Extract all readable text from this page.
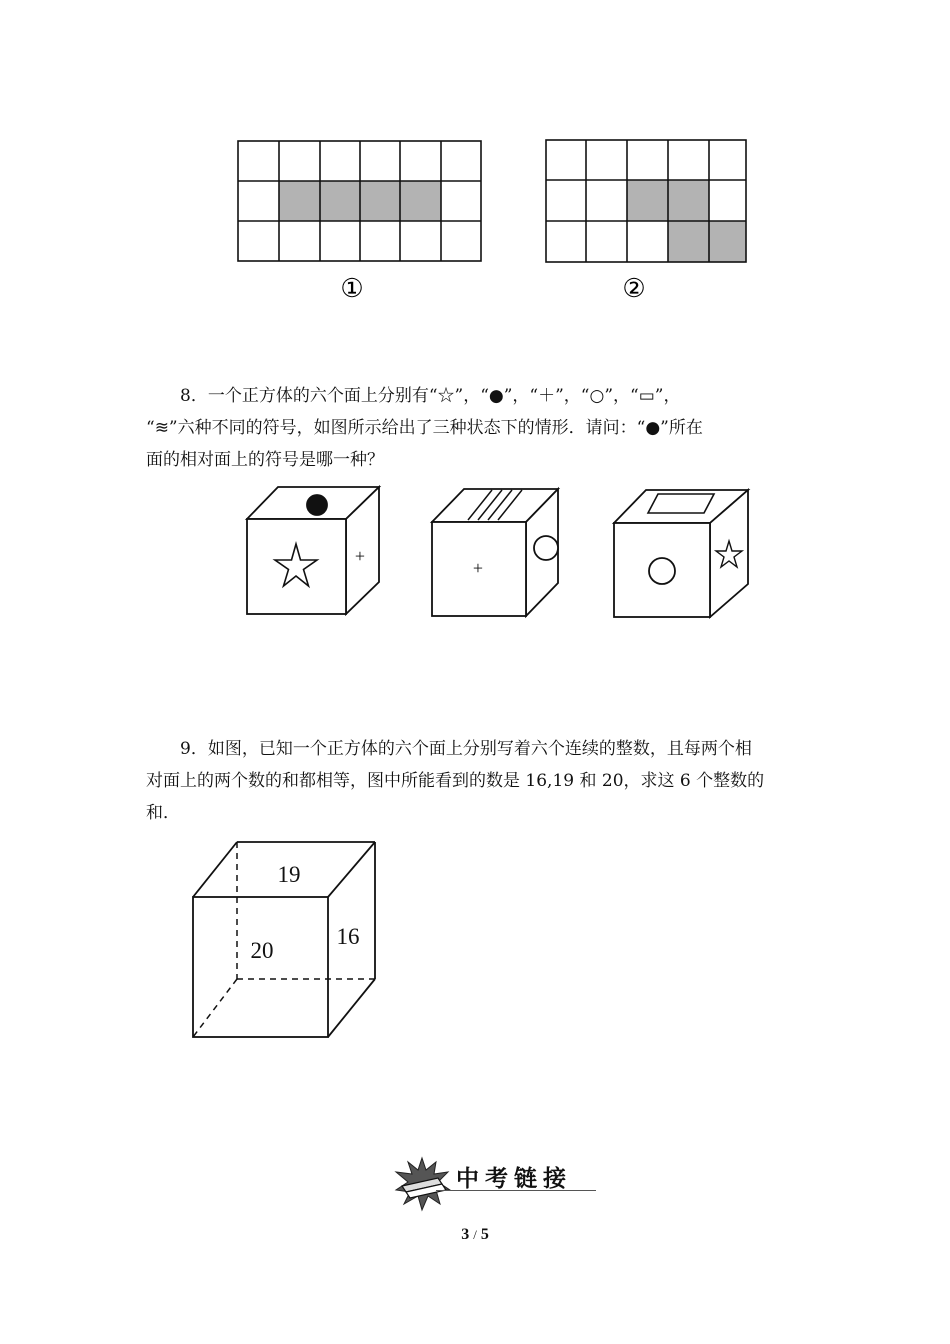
①	②
8．一个正方体的六个面上分别有“☆”，“●”，“＋”，“○”，“▭”，
“≋”六种不同的符号，如图所示给出了三种状态下的情形．请问：“●”所在
面的相对面上的符号是哪一种？
+
+
9．如图，已知一个正方体的六个面上分别写着六个连续的整数，且每两个相
对面上的两个数的和都相等，图中所能看到的数是 16,19 和 20，求这 6 个整数的
和．
19
16
20
中考链接
3 / 5
